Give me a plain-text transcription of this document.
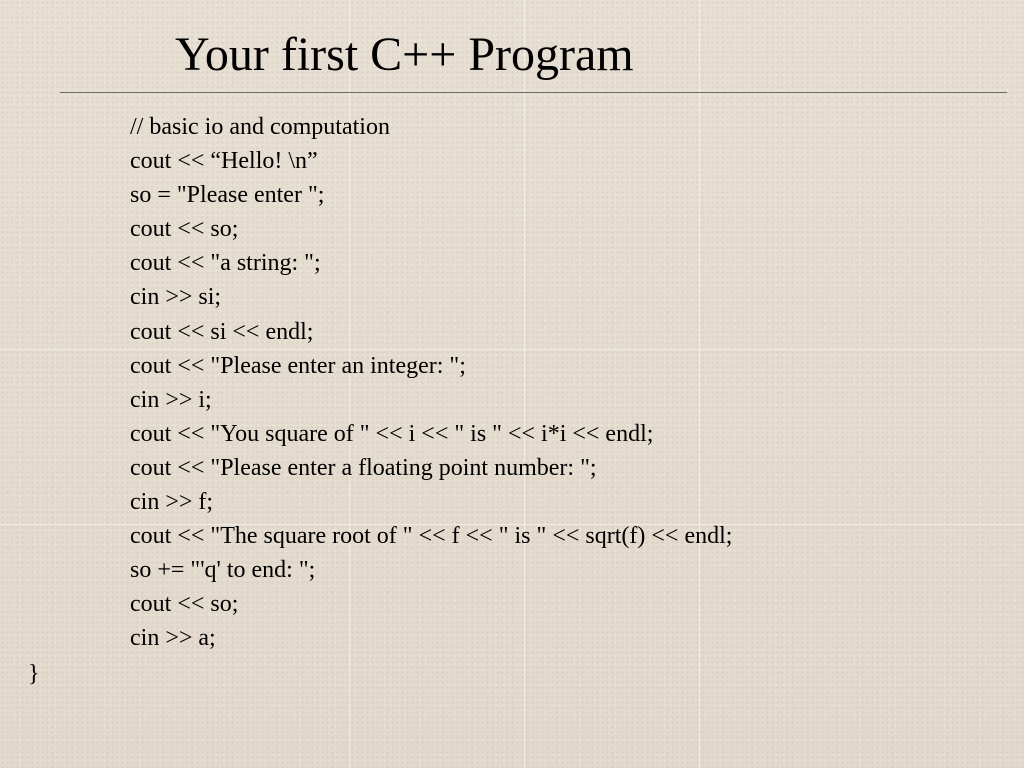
Your first C++ Program
// basic io and computation
cout << “Hello! \n”
so = "Please enter ";
cout << so;
cout << "a string: ";
cin >> si;
cout << si << endl;
cout << "Please enter an integer: ";
cin >> i;
cout << "You square of " << i << " is " << i*i << endl;
cout << "Please enter a floating point number: ";
cin >> f;
cout << "The square root of " << f << " is " << sqrt(f) << endl;
so += "'q' to end: ";
cout << so;
cin >> a;

}
